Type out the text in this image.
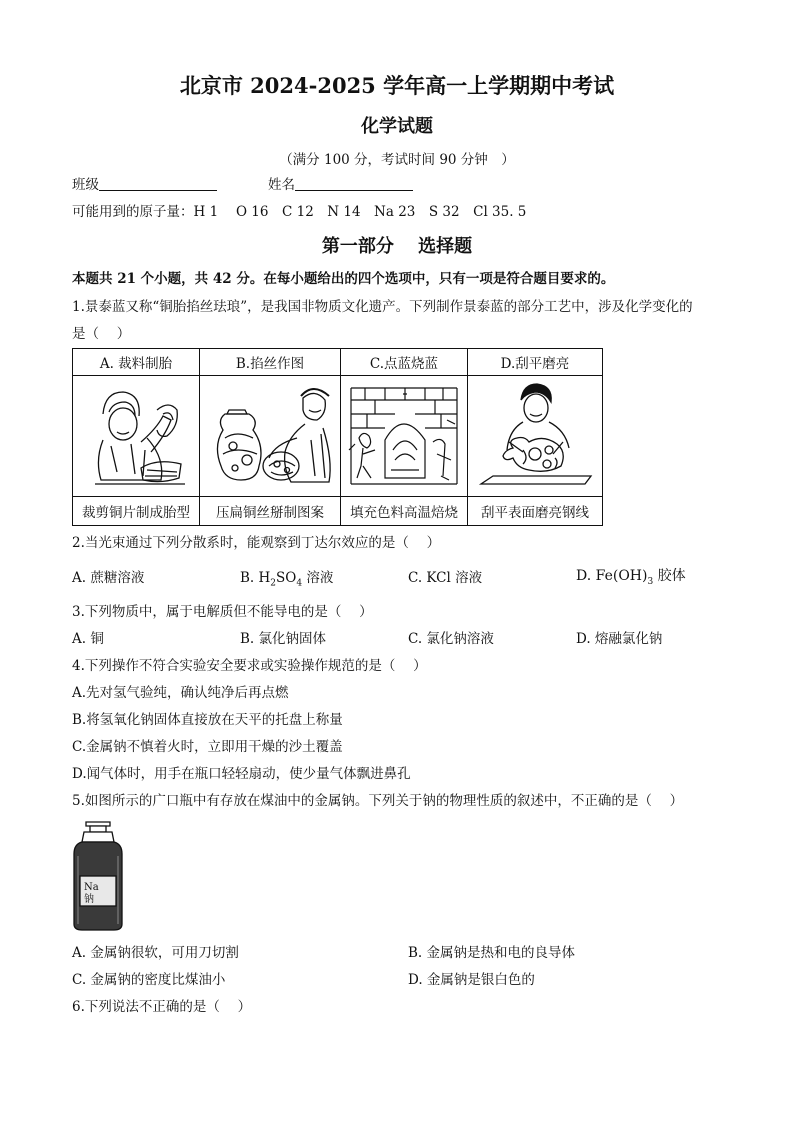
北京市 2024-2025 学年高一上学期期中考试
化学试题
（满分 100 分，考试时间 90 分钟　）
班级	姓名
可能用到的原子量：H 1　 O 16　C 12　N 14　Na 23　S 32　Cl 35. 5
第一部分　 选择题
本题共 21 个小题，共 42 分。在每小题给出的四个选项中，只有一项是符合题目要求的。
1.景泰蓝又称“铜胎掐丝珐琅”，是我国非物质文化遗产。下列制作景泰蓝的部分工艺中，涉及化学变化的
是（　 ）
A. 裁料制胎	B.掐丝作图	C.点蓝烧蓝	D.刮平磨亮

裁剪铜片制成胎型	压扁铜丝掰制图案	填充色料高温焙烧	刮平表面磨亮钢线
2.当光束通过下列分散系时，能观察到丁达尔效应的是（　 ）
A. 蔗糖溶液	B. $H_2SO_4$ 溶液	C. KCl 溶液	D. $Fe(OH)_3$ 胶体
3.下列物质中，属于电解质但不能导电的是（　 ）
A. 铜	B. 氯化钠固体	C. 氯化钠溶液	D. 熔融氯化钠
4.下列操作不符合实验安全要求或实验操作规范的是（　 ）
A.先对氢气验纯，确认纯净后再点燃
B.将氢氧化钠固体直接放在天平的托盘上称量
C.金属钠不慎着火时，立即用干燥的沙土覆盖
D.闻气体时，用手在瓶口轻轻扇动，使少量气体飘进鼻孔
5.如图所示的广口瓶中有存放在煤油中的金属钠。下列关于钠的物理性质的叙述中，不正确的是（　 ）
Na
钠
A. 金属钠很软，可用刀切割	B. 金属钠是热和电的良导体
C. 金属钠的密度比煤油小	D. 金属钠是银白色的
6.下列说法不正确的是（　 ）
